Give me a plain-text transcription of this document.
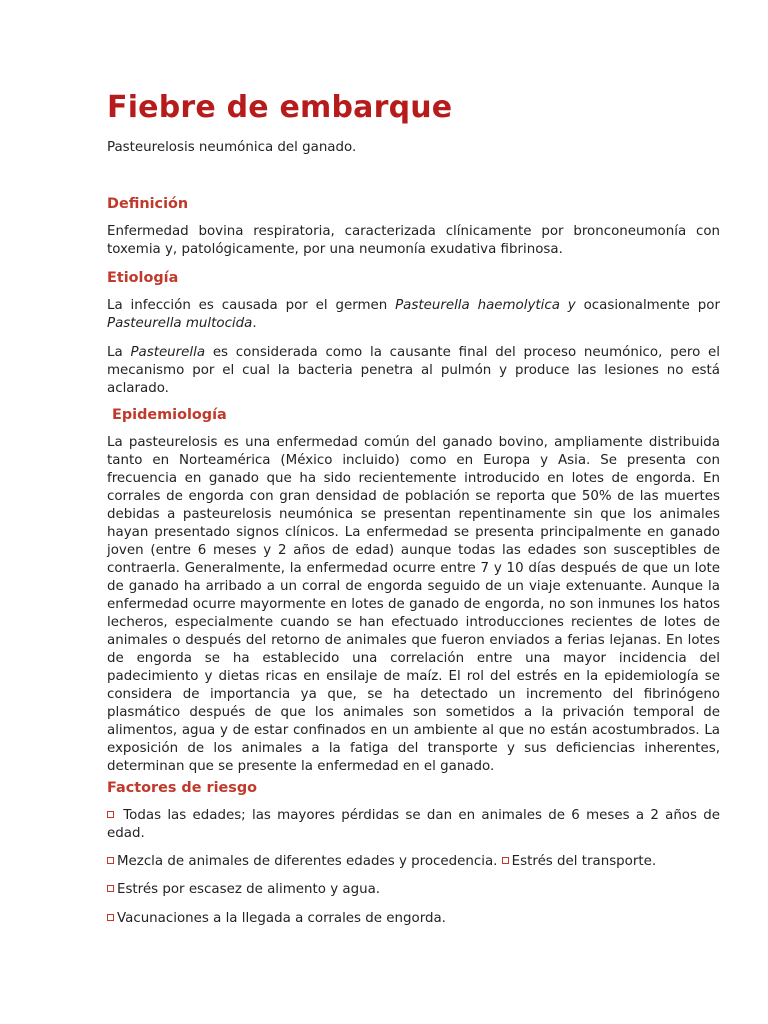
Fiebre de embarque

Pasteurelosis neumónica del ganado.

Definición

Enfermedad bovina respiratoria, caracterizada clínicamente por bronconeumonía con toxemia y, patológicamente, por una neumonía exudativa fibrinosa.

Etiología

La infección es causada por el germen Pasteurella haemolytica y ocasionalmente por Pasteurella multocida.

La Pasteurella es considerada como la causante final del proceso neumónico, pero el mecanismo por el cual la bacteria penetra al pulmón y produce las lesiones no está aclarado.

Epidemiología

La pasteurelosis es una enfermedad común del ganado bovino, ampliamente distribuida tanto en Norteamérica (México incluido) como en Europa y Asia. Se presenta con frecuencia en ganado que ha sido recientemente introducido en lotes de engorda. En corrales de engorda con gran densidad de población se reporta que 50% de las muertes debidas a pasteurelosis neumónica se presentan repentinamente sin que los animales hayan presentado signos clínicos. La enfermedad se presenta principalmente en ganado joven (entre 6 meses y 2 años de edad) aunque todas las edades son susceptibles de contraerla. Generalmente, la enfermedad ocurre entre 7 y 10 días después de que un lote de ganado ha arribado a un corral de engorda seguido de un viaje extenuante. Aunque la enfermedad ocurre mayormente en lotes de ganado de engorda, no son inmunes los hatos lecheros, especialmente cuando se han efectuado introducciones recientes de lotes de animales o después del retorno de animales que fueron enviados a ferias lejanas. En lotes de engorda se ha establecido una correlación entre una mayor incidencia del padecimiento y dietas ricas en ensilaje de maíz. El rol del estrés en la epidemiología se considera de importancia ya que, se ha detectado un incremento del fibrinógeno plasmático después de que los animales son sometidos a la privación temporal de alimentos, agua y de estar confinados en un ambiente al que no están acostumbrados. La exposición de los animales a la fatiga del transporte y sus deficiencias inherentes, determinan que se presente la enfermedad en el ganado.

Factores de riesgo

Todas las edades; las mayores pérdidas se dan en animales de 6 meses a 2 años de edad.

Mezcla de animales de diferentes edades y procedencia. Estrés del transporte.

Estrés por escasez de alimento y agua.

Vacunaciones a la llegada a corrales de engorda.
